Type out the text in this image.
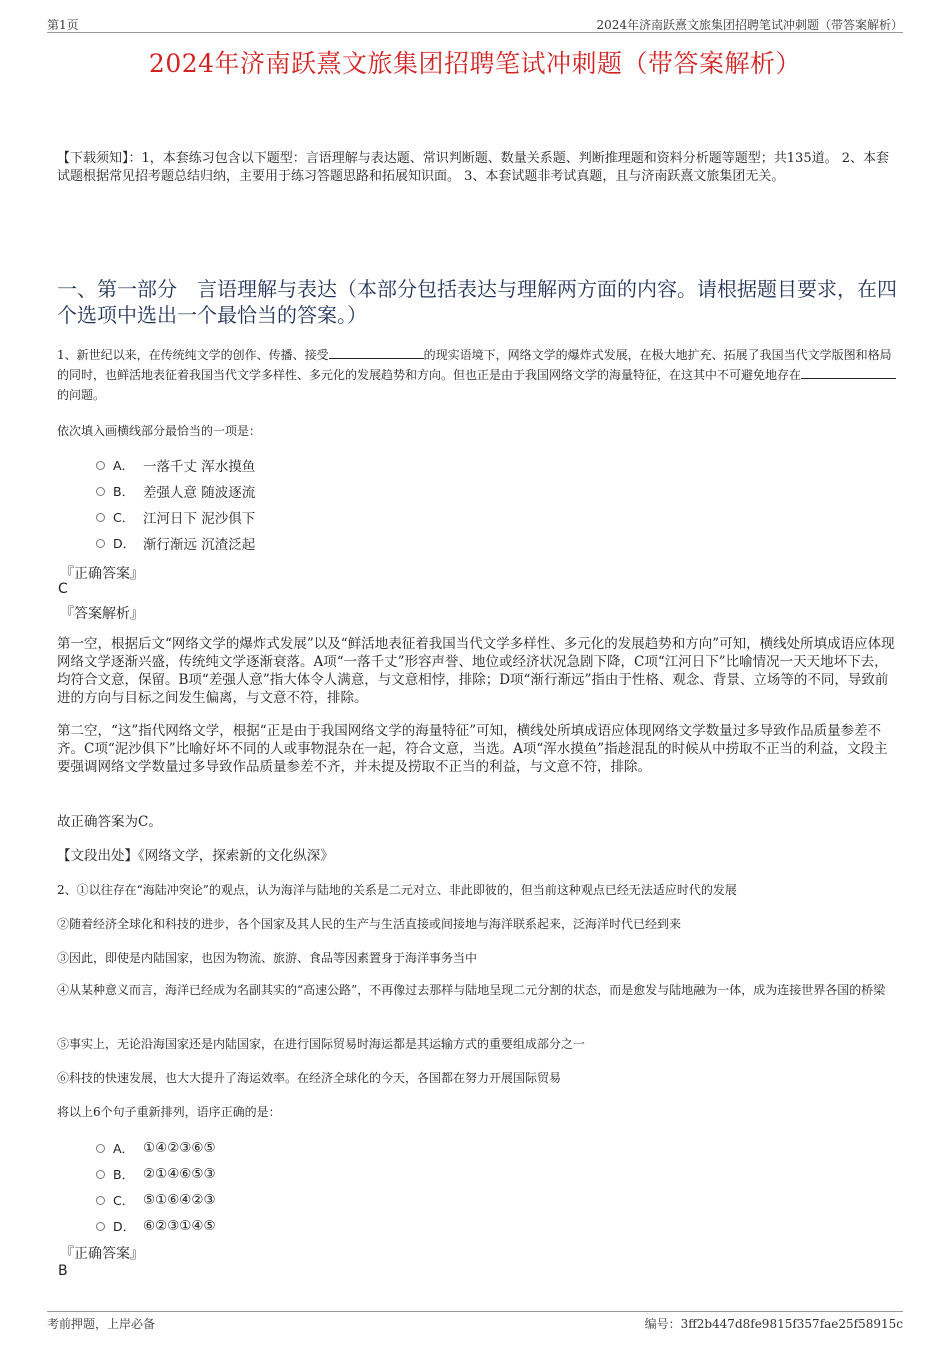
第1页	2024年济南跃熹文旅集团招聘笔试冲刺题（带答案解析）
2024年济南跃熹文旅集团招聘笔试冲刺题（带答案解析）
【下载须知】：1，本套练习包含以下题型：言语理解与表达题、常识判断题、数量关系题、判断推理题和资料分析题等题型；共135道。 2、本套试题根据常见招考题总结归纳，主要用于练习答题思路和拓展知识面。 3、本套试题非考试真题，且与济南跃熹文旅集团无关。
一、第一部分　言语理解与表达（本部分包括表达与理解两方面的内容。请根据题目要求，在四个选项中选出一个最恰当的答案。）
1、新世纪以来，在传统纯文学的创作、传播、接受	的现实语境下，网络文学的爆炸式发展，在极大地扩充、拓展了我国当代文学版图和格局的同时，也鲜活地表征着我国当代文学多样性、多元化的发展趋势和方向。但也正是由于我国网络文学的海量特征，在这其中不可避免地存在的问题。
依次填入画横线部分最恰当的一项是：
A． 一落千丈 浑水摸鱼
B． 差强人意 随波逐流
C． 江河日下 泥沙俱下
D． 渐行渐远 沉渣泛起
『正确答案』
C
『答案解析』
第一空，根据后文“网络文学的爆炸式发展”以及“鲜活地表征着我国当代文学多样性、多元化的发展趋势和方向”可知，横线处所填成语应体现网络文学逐渐兴盛，传统纯文学逐渐衰落。A项“一落千丈”形容声誉、地位或经济状况急剧下降，C项“江河日下”比喻情况一天天地坏下去，均符合文意，保留。B项“差强人意”指大体令人满意，与文意相悖，排除；D项“渐行渐远”指由于性格、观念、背景、立场等的不同，导致前进的方向与目标之间发生偏离，与文意不符，排除。
第二空，“这”指代网络文学，根据“正是由于我国网络文学的海量特征”可知，横线处所填成语应体现网络文学数量过多导致作品质量参差不齐。C项“泥沙俱下”比喻好坏不同的人或事物混杂在一起，符合文意，当选。A项“浑水摸鱼”指趁混乱的时候从中捞取不正当的利益，文段主要强调网络文学数量过多导致作品质量参差不齐，并未提及捞取不正当的利益，与文意不符，排除。
故正确答案为C。
【文段出处】《网络文学，探索新的文化纵深》
2、①以往存在“海陆冲突论”的观点，认为海洋与陆地的关系是二元对立、非此即彼的，但当前这种观点已经无法适应时代的发展
②随着经济全球化和科技的进步，各个国家及其人民的生产与生活直接或间接地与海洋联系起来，泛海洋时代已经到来
③因此，即使是内陆国家，也因为物流、旅游、食品等因素置身于海洋事务当中
④从某种意义而言，海洋已经成为名副其实的“高速公路”，不再像过去那样与陆地呈现二元分割的状态，而是愈发与陆地融为一体，成为连接世界各国的桥梁
⑤事实上，无论沿海国家还是内陆国家，在进行国际贸易时海运都是其运输方式的重要组成部分之一
⑥科技的快速发展，也大大提升了海运效率。在经济全球化的今天，各国都在努力开展国际贸易
将以上6个句子重新排列，语序正确的是：
A． ①④②③⑥⑤
B． ②①④⑥⑤③
C． ⑤①⑥④②③
D． ⑥②③①④⑤
『正确答案』
B
考前押题，上岸必备	编号：3ff2b447d8fe9815f357fae25f58915c
